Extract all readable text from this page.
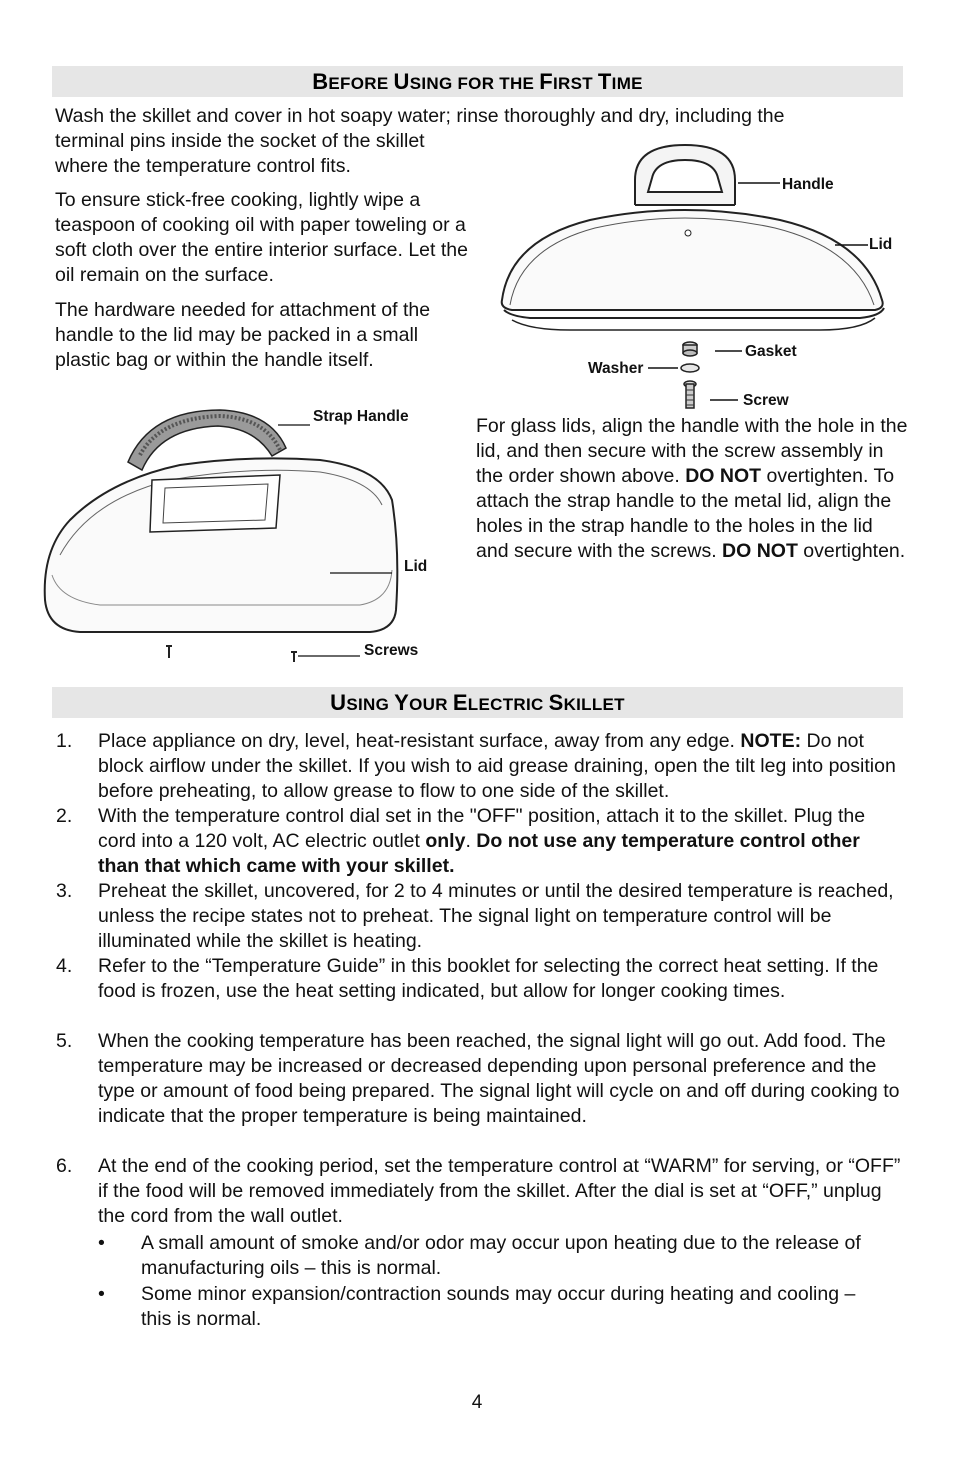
BEFORE USING FOR THE FIRST TIME

Wash the skillet and cover in hot soapy water; rinse thoroughly and dry, including the

terminal pins inside the socket of the skillet where the temperature control fits.

To ensure stick-free cooking, lightly wipe a teaspoon of cooking oil with paper toweling or a soft cloth over the entire interior surface. Let the oil remain on the surface.

The hardware needed for attachment of the handle to the lid may be packed in a small plastic bag or within the handle itself.

Handle
Lid
Gasket
Washer
Screw
Strap Handle
Lid
Screws

For glass lids, align the handle with the hole in the lid, and then secure with the screw assembly in the order shown above. DO NOT overtighten. To attach the strap handle to the metal lid, align the holes in the strap handle to the holes in the lid and secure with the screws. DO NOT overtighten.

USING YOUR ELECTRIC SKILLET
1. Place appliance on dry, level, heat-resistant surface, away from any edge. NOTE: Do not block airflow under the skillet. If you wish to aid grease draining, open the tilt leg into position before preheating, to allow grease to flow to one side of the skillet.
2. With the temperature control dial set in the "OFF" position, attach it to the skillet. Plug the cord into a 120 volt, AC electric outlet only. Do not use any temperature control other than that which came with your skillet.
3. Preheat the skillet, uncovered, for 2 to 4 minutes or until the desired temperature is reached, unless the recipe states not to preheat. The signal light on temperature control will be illuminated while the skillet is heating.
4. Refer to the “Temperature Guide” in this booklet for selecting the correct heat setting. If the food is frozen, use the heat setting indicated, but allow for longer cooking times.
5. When the cooking temperature has been reached, the signal light will go out. Add food. The temperature may be increased or decreased depending upon personal preference and the type or amount of food being prepared. The signal light will cycle on and off during cooking to indicate that the proper temperature is being maintained.
6. At the end of the cooking period, set the temperature control at “WARM” for serving, or “OFF” if the food will be removed immediately from the skillet. After the dial is set at “OFF,” unplug the cord from the wall outlet.
• A small amount of smoke and/or odor may occur upon heating due to the release of manufacturing oils – this is normal.
• Some minor expansion/contraction sounds may occur during heating and cooling – this is normal.
4
